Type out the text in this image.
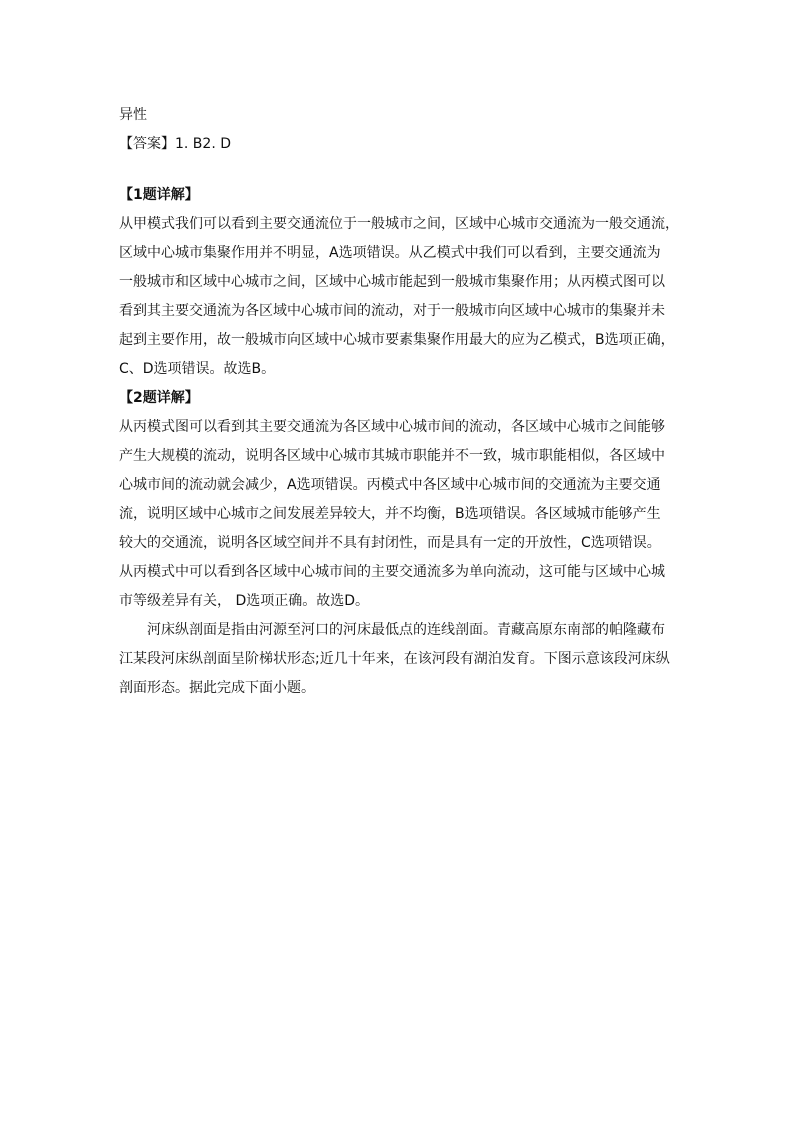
异性
【答案】1. B2. D
【1题详解】
从甲模式我们可以看到主要交通流位于一般城市之间，区域中心城市交通流为一般交通流，
区域中心城市集聚作用并不明显，A选项错误。从乙模式中我们可以看到，主要交通流为
一般城市和区域中心城市之间，区域中心城市能起到一般城市集聚作用；从丙模式图可以
看到其主要交通流为各区域中心城市间的流动，对于一般城市向区域中心城市的集聚并未
起到主要作用，故一般城市向区域中心城市要素集聚作用最大的应为乙模式，B选项正确，
C、D选项错误。故选B。
【2题详解】
从丙模式图可以看到其主要交通流为各区域中心城市间的流动，各区域中心城市之间能够
产生大规模的流动，说明各区域中心城市其城市职能并不一致，城市职能相似，各区域中
心城市间的流动就会减少，A选项错误。丙模式中各区域中心城市间的交通流为主要交通
流，说明区域中心城市之间发展差异较大，并不均衡，B选项错误。各区域城市能够产生
较大的交通流，说明各区域空间并不具有封闭性，而是具有一定的开放性，C选项错误。
从丙模式中可以看到各区域中心城市间的主要交通流多为单向流动，这可能与区域中心城
市等级差异有关， D选项正确。故选D。
河床纵剖面是指由河源至河口的河床最低点的连线剖面。青藏高原东南部的帕隆藏布
江某段河床纵剖面呈阶梯状形态;近几十年来，在该河段有湖泊发育。下图示意该段河床纵
剖面形态。据此完成下面小题。
